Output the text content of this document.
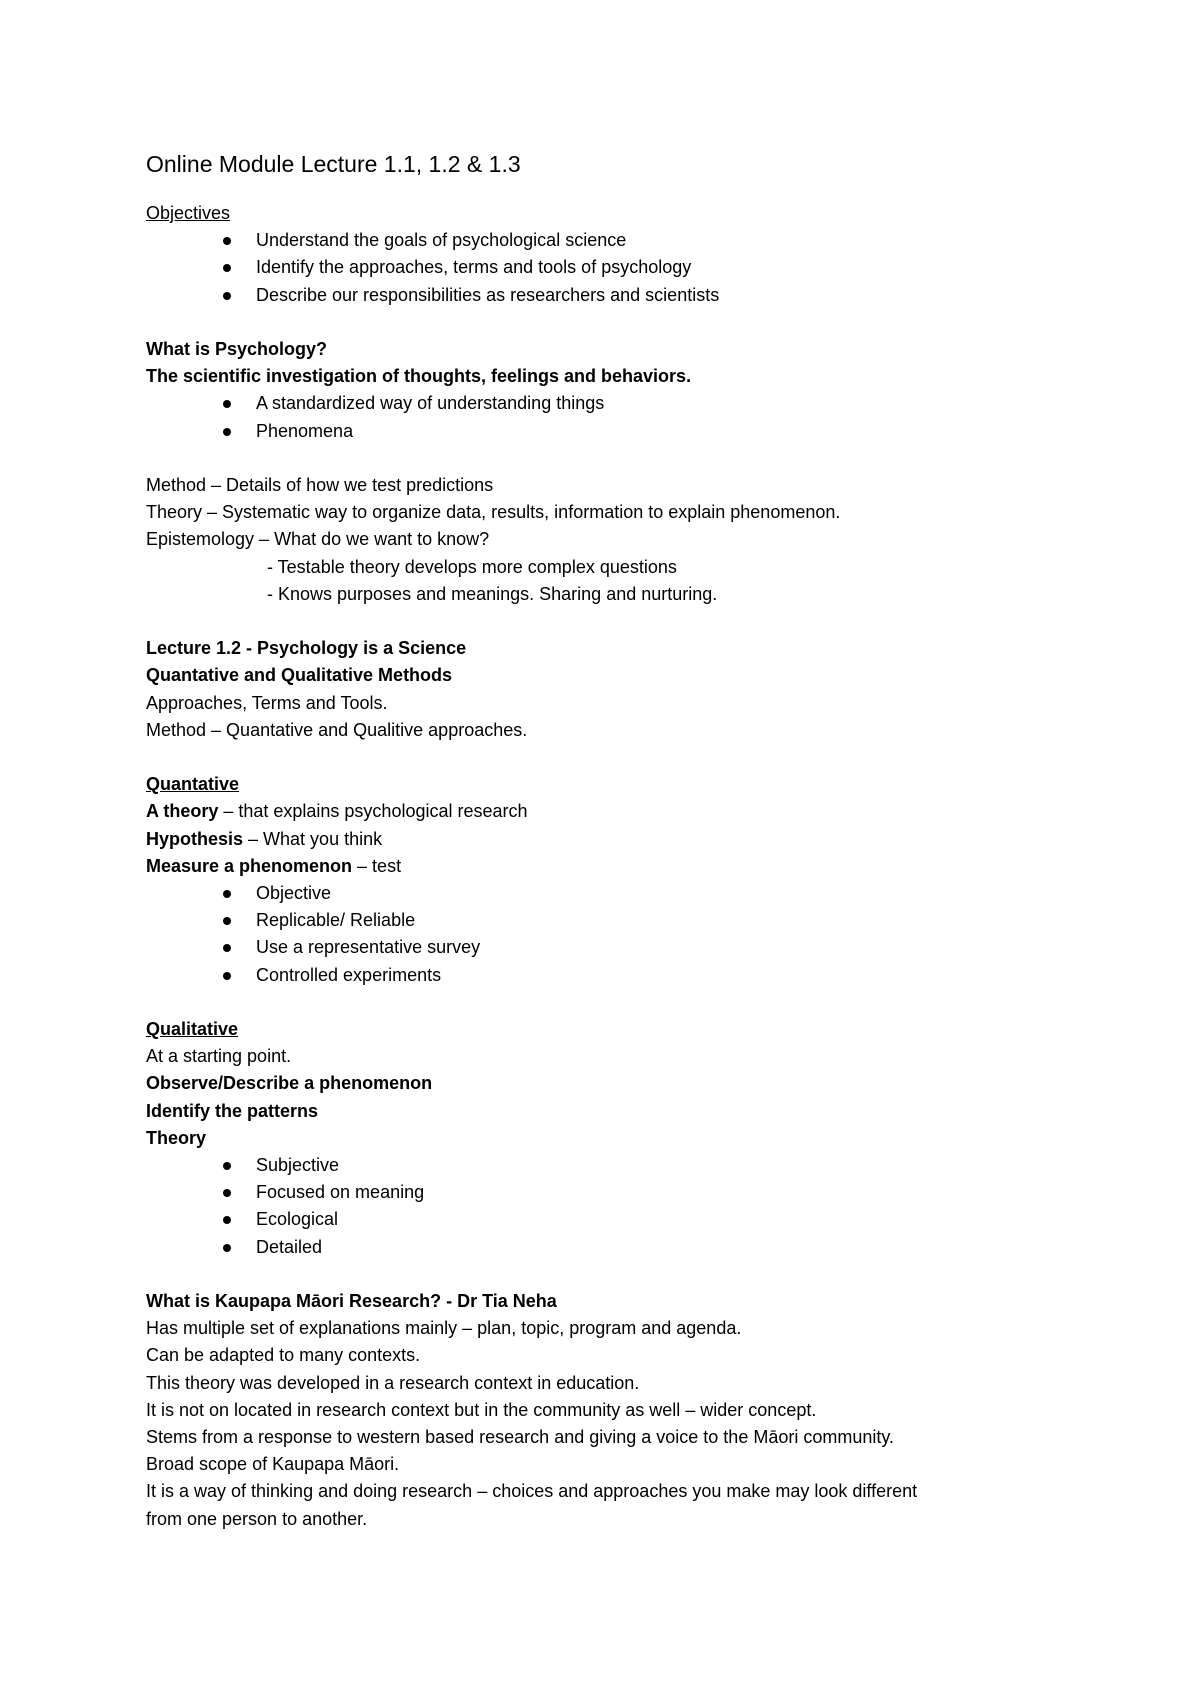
Online Module Lecture 1.1, 1.2 & 1.3
Objectives
Understand the goals of psychological science
Identify the approaches, terms and tools of psychology
Describe our responsibilities as researchers and scientists
What is Psychology?
The scientific investigation of thoughts, feelings and behaviors.
A standardized way of understanding things
Phenomena
Method – Details of how we test predictions
Theory – Systematic way to organize data, results, information to explain phenomenon.
Epistemology – What do we want to know?
- Testable theory develops more complex questions
- Knows purposes and meanings. Sharing and nurturing.
Lecture 1.2 - Psychology is a Science
Quantative and Qualitative Methods
Approaches, Terms and Tools.
Method – Quantative and Qualitive approaches.
Quantative
A theory – that explains psychological research
Hypothesis – What you think
Measure a phenomenon – test
Objective
Replicable/ Reliable
Use a representative survey
Controlled experiments
Qualitative
At a starting point.
Observe/Describe a phenomenon
Identify the patterns
Theory
Subjective
Focused on meaning
Ecological
Detailed
What is Kaupapa Māori Research? - Dr Tia Neha
Has multiple set of explanations mainly – plan, topic, program and agenda.
Can be adapted to many contexts.
This theory was developed in a research context in education.
It is not on located in research context but in the community as well – wider concept.
Stems from a response to western based research and giving a voice to the Māori community.
Broad scope of Kaupapa Māori.
It is a way of thinking and doing research – choices and approaches you make may look different
from one person to another.
